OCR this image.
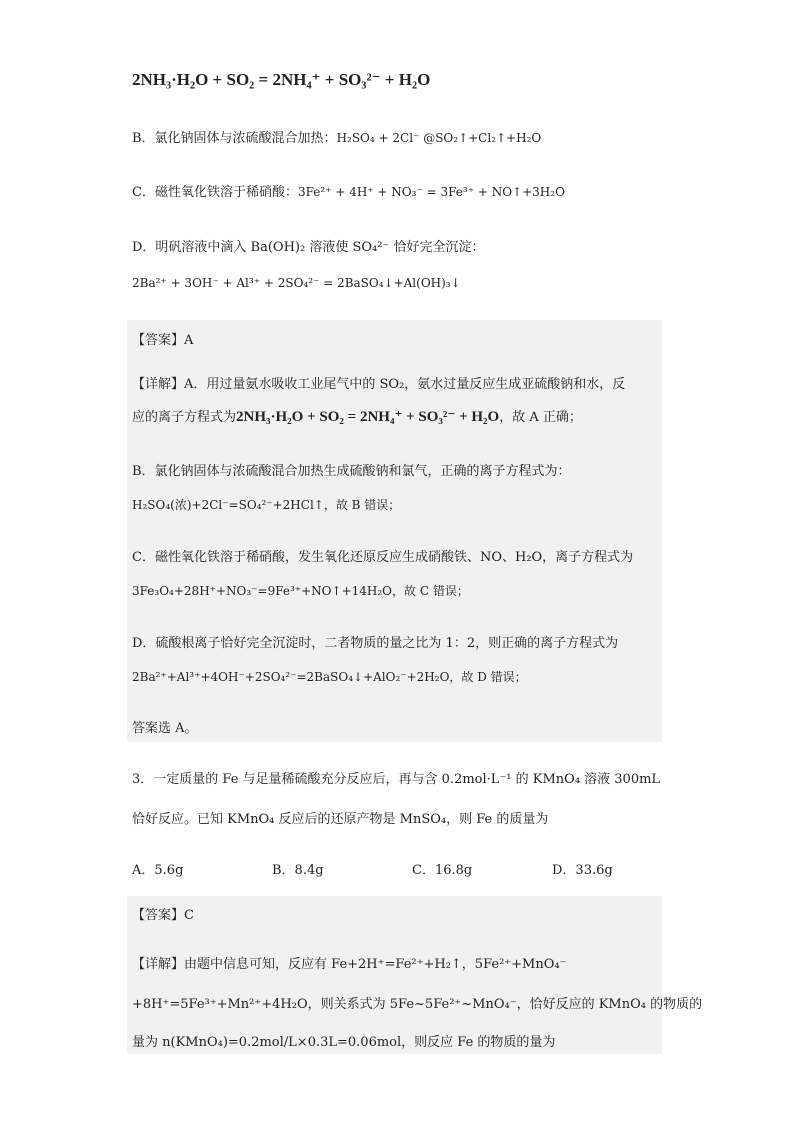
2NH₃·H₂O + SO₂ = 2NH₄⁺ + SO₃²⁻ + H₂O
B．氯化钠固体与浓硫酸混合加热：H₂SO₄ + 2Cl⁻ @SO₂↑+Cl₂↑+H₂O
C．磁性氧化铁溶于稀硝酸：3Fe²⁺ + 4H⁺ + NO₃⁻ = 3Fe³⁺ + NO↑+3H₂O
D．明矾溶液中滴入 Ba(OH)₂ 溶液使 SO₄²⁻ 恰好完全沉淀：
2Ba²⁺ + 3OH⁻ + Al³⁺ + 2SO₄²⁻ = 2BaSO₄↓+Al(OH)₃↓
【答案】A
【详解】A．用过量氨水吸收工业尾气中的 SO₂，氨水过量反应生成亚硫酸钠和水，反
应的离子方程式为2NH₃·H₂O + SO₂ = 2NH₄⁺ + SO₃²⁻ + H₂O，故 A 正确；
B．氯化钠固体与浓硫酸混合加热生成硫酸钠和氯气，正确的离子方程式为：
H₂SO₄(浓)+2Cl⁻=SO₄²⁻+2HCl↑，故 B 错误；
C．磁性氧化铁溶于稀硝酸，发生氧化还原反应生成硝酸铁、NO、H₂O，离子方程式为
3Fe₃O₄+28H⁺+NO₃⁻=9Fe³⁺+NO↑+14H₂O，故 C 错误；
D．硫酸根离子恰好完全沉淀时，二者物质的量之比为 1：2，则正确的离子方程式为
2Ba²⁺+Al³⁺+4OH⁻+2SO₄²⁻=2BaSO₄↓+AlO₂⁻+2H₂O，故 D 错误；
答案选 A。
3．一定质量的 Fe 与足量稀硫酸充分反应后，再与含 0.2mol·L⁻¹ 的 KMnO₄ 溶液 300mL
恰好反应。已知 KMnO₄ 反应后的还原产物是 MnSO₄，则 Fe 的质量为
A．5.6g	B．8.4g	C．16.8g	D．33.6g
【答案】C
【详解】由题中信息可知，反应有 Fe+2H⁺=Fe²⁺+H₂↑，5Fe²⁺+MnO₄⁻
+8H⁺=5Fe³⁺+Mn²⁺+4H₂O，则关系式为 5Fe~5Fe²⁺~MnO₄⁻，恰好反应的 KMnO₄ 的物质的
量为 n(KMnO₄)=0.2mol/L×0.3L=0.06mol，则反应 Fe 的物质的量为
